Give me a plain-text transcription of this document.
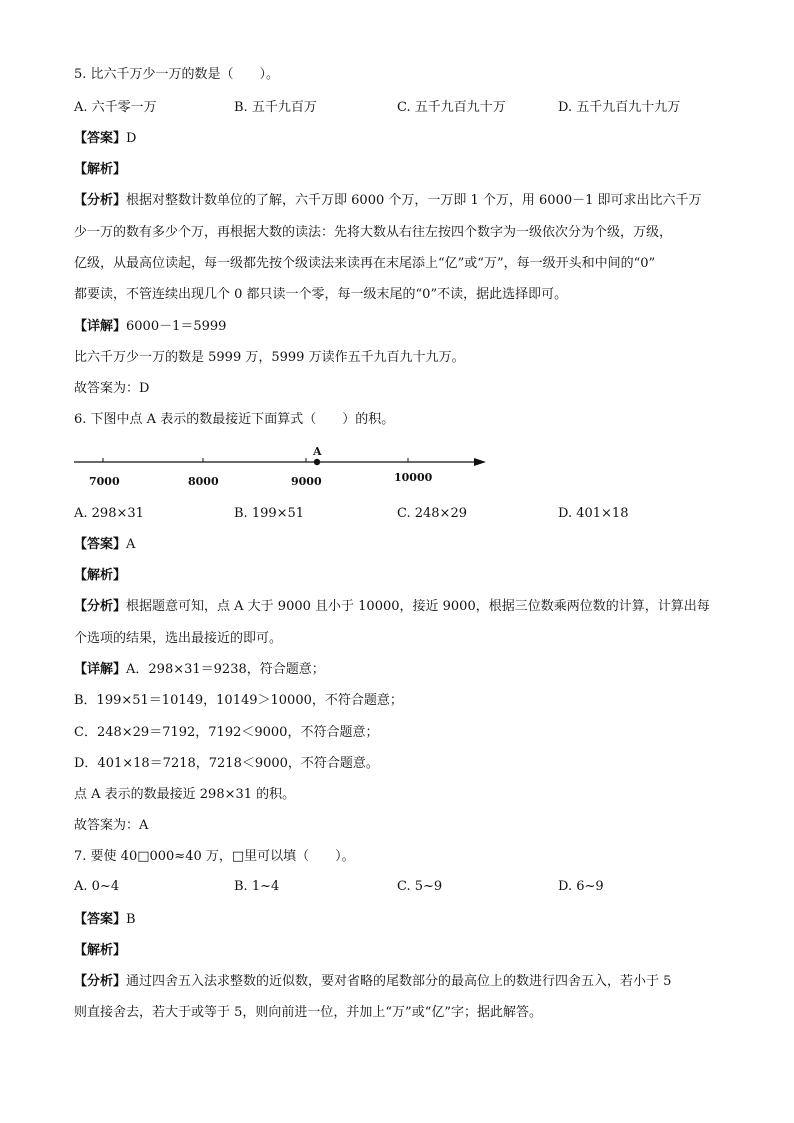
5. 比六千万少一万的数是（　　）。
A. 六千零一万	B. 五千九百万	C. 五千九百九十万	D. 五千九百九十九万
【答案】D
【解析】
【分析】根据对整数计数单位的了解，六千万即 6000 个万，一万即 1 个万，用 6000－1 即可求出比六千万
少一万的数有多少个万，再根据大数的读法：先将大数从右往左按四个数字为一级依次分为个级，万级，
亿级，从最高位读起，每一级都先按个级读法来读再在末尾添上“亿”或“万”，每一级开头和中间的“0”
都要读，不管连续出现几个 0 都只读一个零，每一级末尾的“0”不读，据此选择即可。
【详解】6000－1＝5999
比六千万少一万的数是 5999 万，5999 万读作五千九百九十九万。
故答案为：D
6. 下图中点 A 表示的数最接近下面算式（　　）的积。
A
7000	8000	9000	10000
A. 298×31	B. 199×51	C. 248×29	D. 401×18
【答案】A
【解析】
【分析】根据题意可知，点 A 大于 9000 且小于 10000，接近 9000，根据三位数乘两位数的计算，计算出每
个选项的结果，选出最接近的即可。
【详解】A．298×31＝9238，符合题意；
B．199×51＝10149，10149＞10000，不符合题意；
C．248×29＝7192，7192＜9000，不符合题意；
D．401×18＝7218，7218＜9000，不符合题意。
点 A 表示的数最接近 298×31 的积。
故答案为：A
7. 要使 40□000≈40 万，□里可以填（　　）。
A. 0~4	B. 1~4	C. 5~9	D. 6~9
【答案】B
【解析】
【分析】通过四舍五入法求整数的近似数，要对省略的尾数部分的最高位上的数进行四舍五入，若小于 5
则直接舍去，若大于或等于 5，则向前进一位，并加上“万”或“亿”字；据此解答。
